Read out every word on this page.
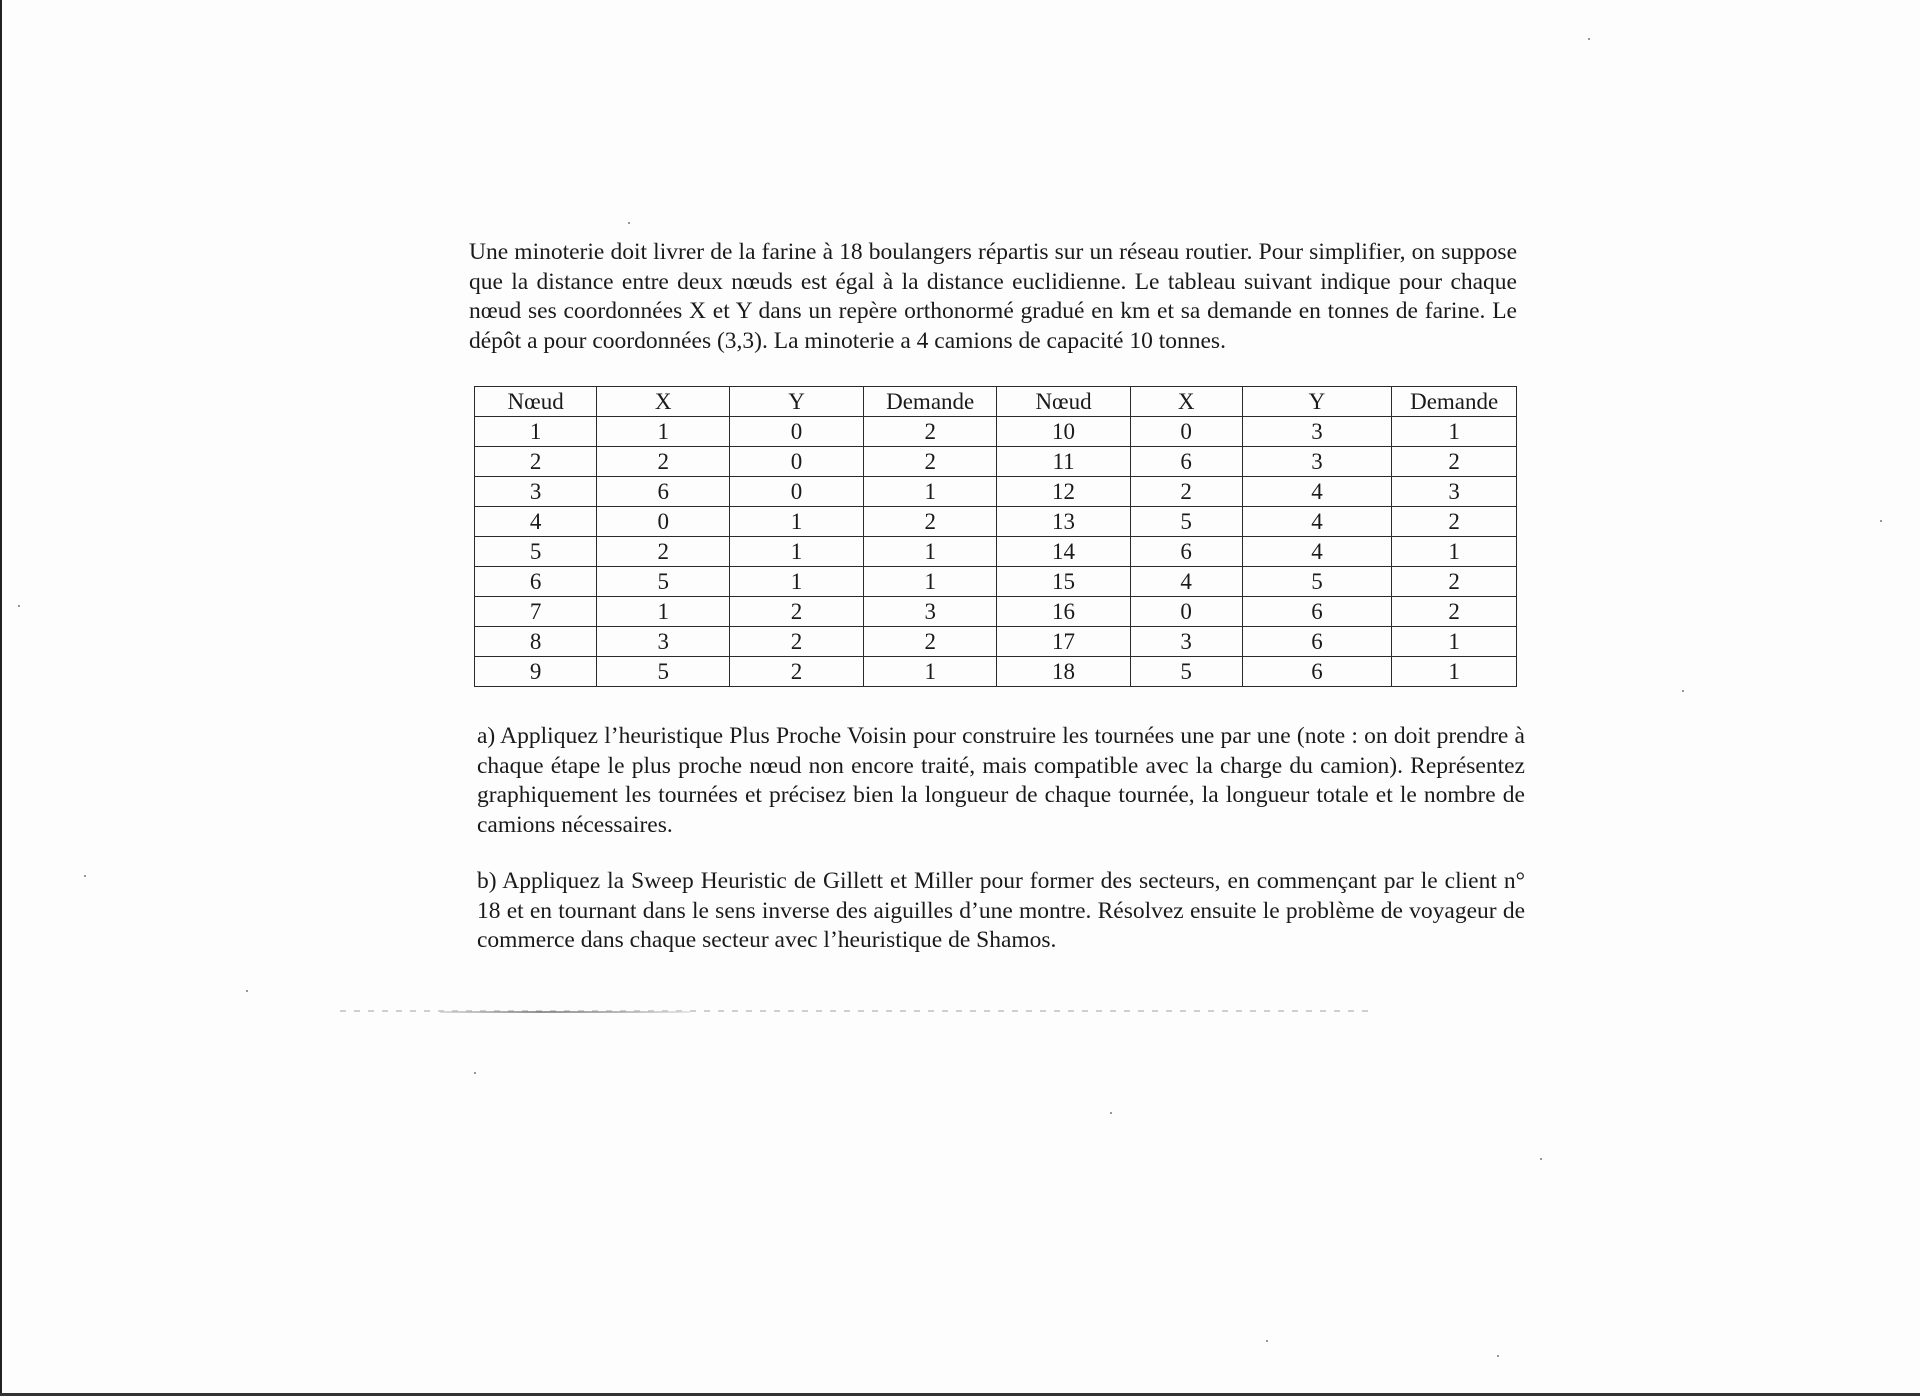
Une minoterie doit livrer de la farine à 18 boulangers répartis sur un réseau routier. Pour simplifier, on suppose que la distance entre deux nœuds est égal à la distance euclidienne. Le tableau suivant indique pour chaque nœud ses coordonnées X et Y dans un repère orthonormé gradué en km et sa demande en tonnes de farine. Le dépôt a pour coordonnées (3,3). La minoterie a 4 camions de capacité 10 tonnes.

Nœud	X	Y	Demande	Nœud	X	Y	Demande
1	1	0	2	10	0	3	1
2	2	0	2	11	6	3	2
3	6	0	1	12	2	4	3
4	0	1	2	13	5	4	2
5	2	1	1	14	6	4	1
6	5	1	1	15	4	5	2
7	1	2	3	16	0	6	2
8	3	2	2	17	3	6	1
9	5	2	1	18	5	6	1

a) Appliquez l’heuristique Plus Proche Voisin pour construire les tournées une par une (note : on doit prendre à chaque étape le plus proche nœud non encore traité, mais compatible avec la charge du camion). Représentez graphiquement les tournées et précisez bien la longueur de chaque tournée, la longueur totale et le nombre de camions nécessaires.

b) Appliquez la Sweep Heuristic de Gillett et Miller pour former des secteurs, en commençant par le client n° 18 et en tournant dans le sens inverse des aiguilles d’une montre. Résolvez ensuite le problème de voyageur de commerce dans chaque secteur avec l’heuristique de Shamos.
